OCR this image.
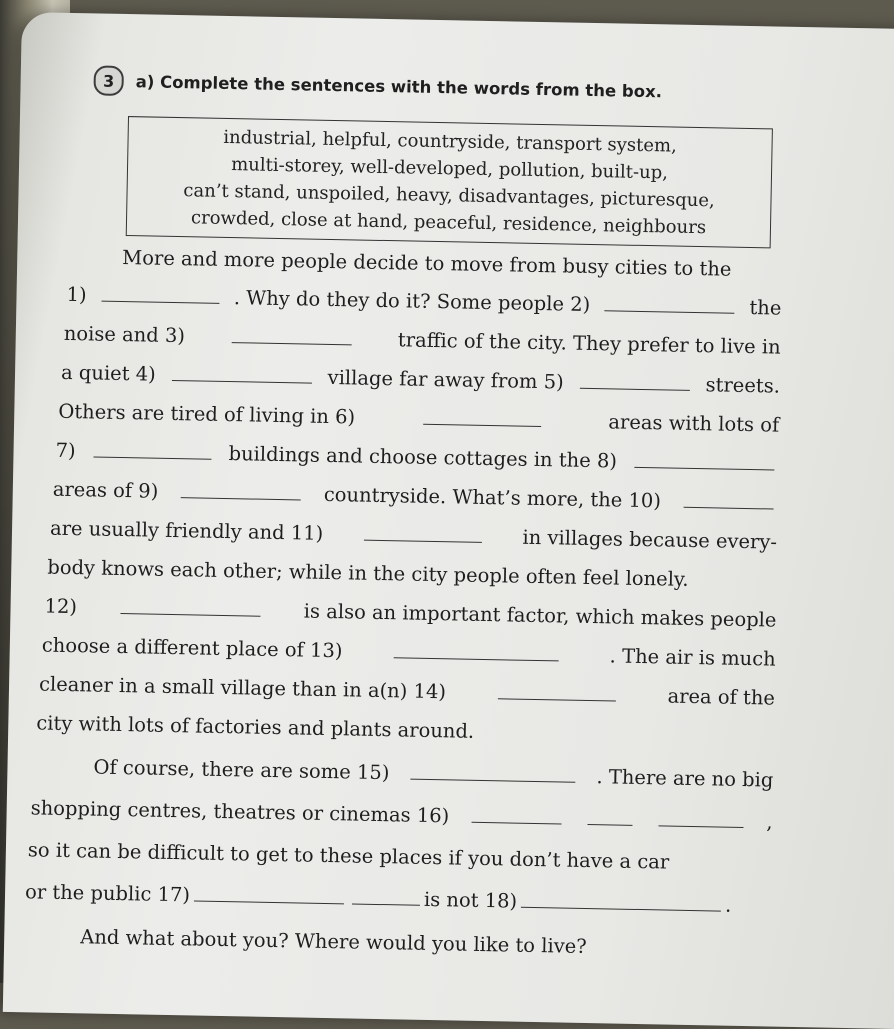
3	a) Complete the sentences with the words from the box.
industrial, helpful, countryside, transport system,
multi-storey, well-developed, pollution, built-up,
can’t stand, unspoiled, heavy, disadvantages, picturesque,
crowded, close at hand, peaceful, residence, neighbours
More and more people decide to move from busy cities to the
1)	. Why do they do it? Some people 2)	the
noise and 3)	traffic of the city. They prefer to live in
a quiet 4)	village far away from 5)	streets.
Others are tired of living in 6)	areas with lots of
7)	buildings and choose cottages in the 8)
areas of 9)	countryside. What’s more, the 10)
are usually friendly and 11)	in villages because every-
body knows each other; while in the city people often feel lonely.
12)	is also an important factor, which makes people
choose a different place of 13)	. The air is much
cleaner in a small village than in a(n) 14)	area of the
city with lots of factories and plants around.
Of course, there are some 15)	. There are no big
shopping centres, theatres or cinemas 16)	,
so it can be difficult to get to these places if you don’t have a car
or the public 17)	is not 18)	.
And what about you? Where would you like to live?
